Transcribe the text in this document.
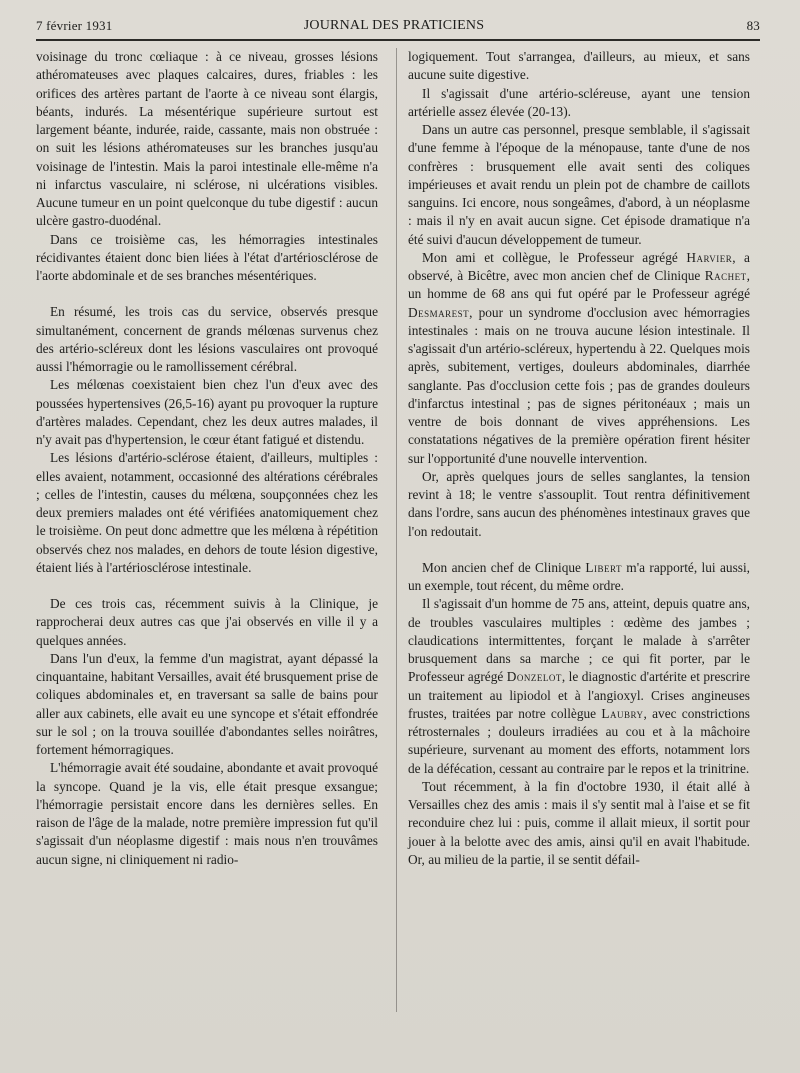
7 février 1931	JOURNAL DES PRATICIENS	83

voisinage du tronc cœliaque : à ce niveau, grosses lésions athéromateuses avec plaques calcaires, dures, friables : les orifices des artères partant de l'aorte à ce niveau sont élargis, béants, indurés. La mésentérique supérieure surtout est largement béante, indurée, raide, cassante, mais non obstruée : on suit les lésions athéromateuses sur les branches jusqu'au voisinage de l'intestin. Mais la paroi intestinale elle-même n'a ni infarctus vasculaire, ni sclérose, ni ulcérations visibles. Aucune tumeur en un point quelconque du tube digestif : aucun ulcère gastro-duodénal.

Dans ce troisième cas, les hémorragies intestinales récidivantes étaient donc bien liées à l'état d'artériosclérose de l'aorte abdominale et de ses branches mésentériques.

En résumé, les trois cas du service, observés presque simultanément, concernent de grands mélœnas survenus chez des artério-scléreux dont les lésions vasculaires ont provoqué aussi l'hémorragie ou le ramollissement cérébral.

Les mélœnas coexistaient bien chez l'un d'eux avec des poussées hypertensives (26,5-16) ayant pu provoquer la rupture d'artères malades. Cependant, chez les deux autres malades, il n'y avait pas d'hypertension, le cœur étant fatigué et distendu.

Les lésions d'artério-sclérose étaient, d'ailleurs, multiples : elles avaient, notamment, occasionné des altérations cérébrales ; celles de l'intestin, causes du mélœna, soupçonnées chez les deux premiers malades ont été vérifiées anatomiquement chez le troisième. On peut donc admettre que les mélœna à répétition observés chez nos malades, en dehors de toute lésion digestive, étaient liés à l'artériosclérose intestinale.

De ces trois cas, récemment suivis à la Clinique, je rapprocherai deux autres cas que j'ai observés en ville il y a quelques années.

Dans l'un d'eux, la femme d'un magistrat, ayant dépassé la cinquantaine, habitant Versailles, avait été brusquement prise de coliques abdominales et, en traversant sa salle de bains pour aller aux cabinets, elle avait eu une syncope et s'était effondrée sur le sol ; on la trouva souillée d'abondantes selles noirâtres, fortement hémorragiques.

L'hémorragie avait été soudaine, abondante et avait provoqué la syncope. Quand je la vis, elle était presque exsangue; l'hémorragie persistait encore dans les dernières selles. En raison de l'âge de la malade, notre première impression fut qu'il s'agissait d'un néoplasme digestif : mais nous n'en trouvâmes aucun signe, ni cliniquement ni radio-

logiquement. Tout s'arrangea, d'ailleurs, au mieux, et sans aucune suite digestive.

Il s'agissait d'une artério-scléreuse, ayant une tension artérielle assez élevée (20-13).

Dans un autre cas personnel, presque semblable, il s'agissait d'une femme à l'époque de la ménopause, tante d'une de nos confrères : brusquement elle avait senti des coliques impérieuses et avait rendu un plein pot de chambre de caillots sanguins. Ici encore, nous songeâmes, d'abord, à un néoplasme : mais il n'y en avait aucun signe. Cet épisode dramatique n'a été suivi d'aucun développement de tumeur.

Mon ami et collègue, le Professeur agrégé Harvier, a observé, à Bicêtre, avec mon ancien chef de Clinique Rachet, un homme de 68 ans qui fut opéré par le Professeur agrégé Desmarest, pour un syndrome d'occlusion avec hémorragies intestinales : mais on ne trouva aucune lésion intestinale. Il s'agissait d'un artério-scléreux, hypertendu à 22. Quelques mois après, subitement, vertiges, douleurs abdominales, diarrhée sanglante. Pas d'occlusion cette fois ; pas de grandes douleurs d'infarctus intestinal ; pas de signes péritonéaux ; mais un ventre de bois donnant de vives appréhensions. Les constatations négatives de la première opération firent hésiter sur l'opportunité d'une nouvelle intervention.

Or, après quelques jours de selles sanglantes, la tension revint à 18; le ventre s'assouplit. Tout rentra définitivement dans l'ordre, sans aucun des phénomènes intestinaux graves que l'on redoutait.

Mon ancien chef de Clinique Libert m'a rapporté, lui aussi, un exemple, tout récent, du même ordre.

Il s'agissait d'un homme de 75 ans, atteint, depuis quatre ans, de troubles vasculaires multiples : œdème des jambes ; claudications intermittentes, forçant le malade à s'arrêter brusquement dans sa marche ; ce qui fit porter, par le Professeur agrégé Donzelot, le diagnostic d'artérite et prescrire un traitement au lipiodol et à l'angioxyl. Crises angineuses frustes, traitées par notre collègue Laubry, avec constrictions rétrosternales ; douleurs irradiées au cou et à la mâchoire supérieure, survenant au moment des efforts, notamment lors de la défécation, cessant au contraire par le repos et la trinitrine.

Tout récemment, à la fin d'octobre 1930, il était allé à Versailles chez des amis : mais il s'y sentit mal à l'aise et se fit reconduire chez lui : puis, comme il allait mieux, il sortit pour jouer à la belotte avec des amis, ainsi qu'il en avait l'habitude. Or, au milieu de la partie, il se sentit défail-
